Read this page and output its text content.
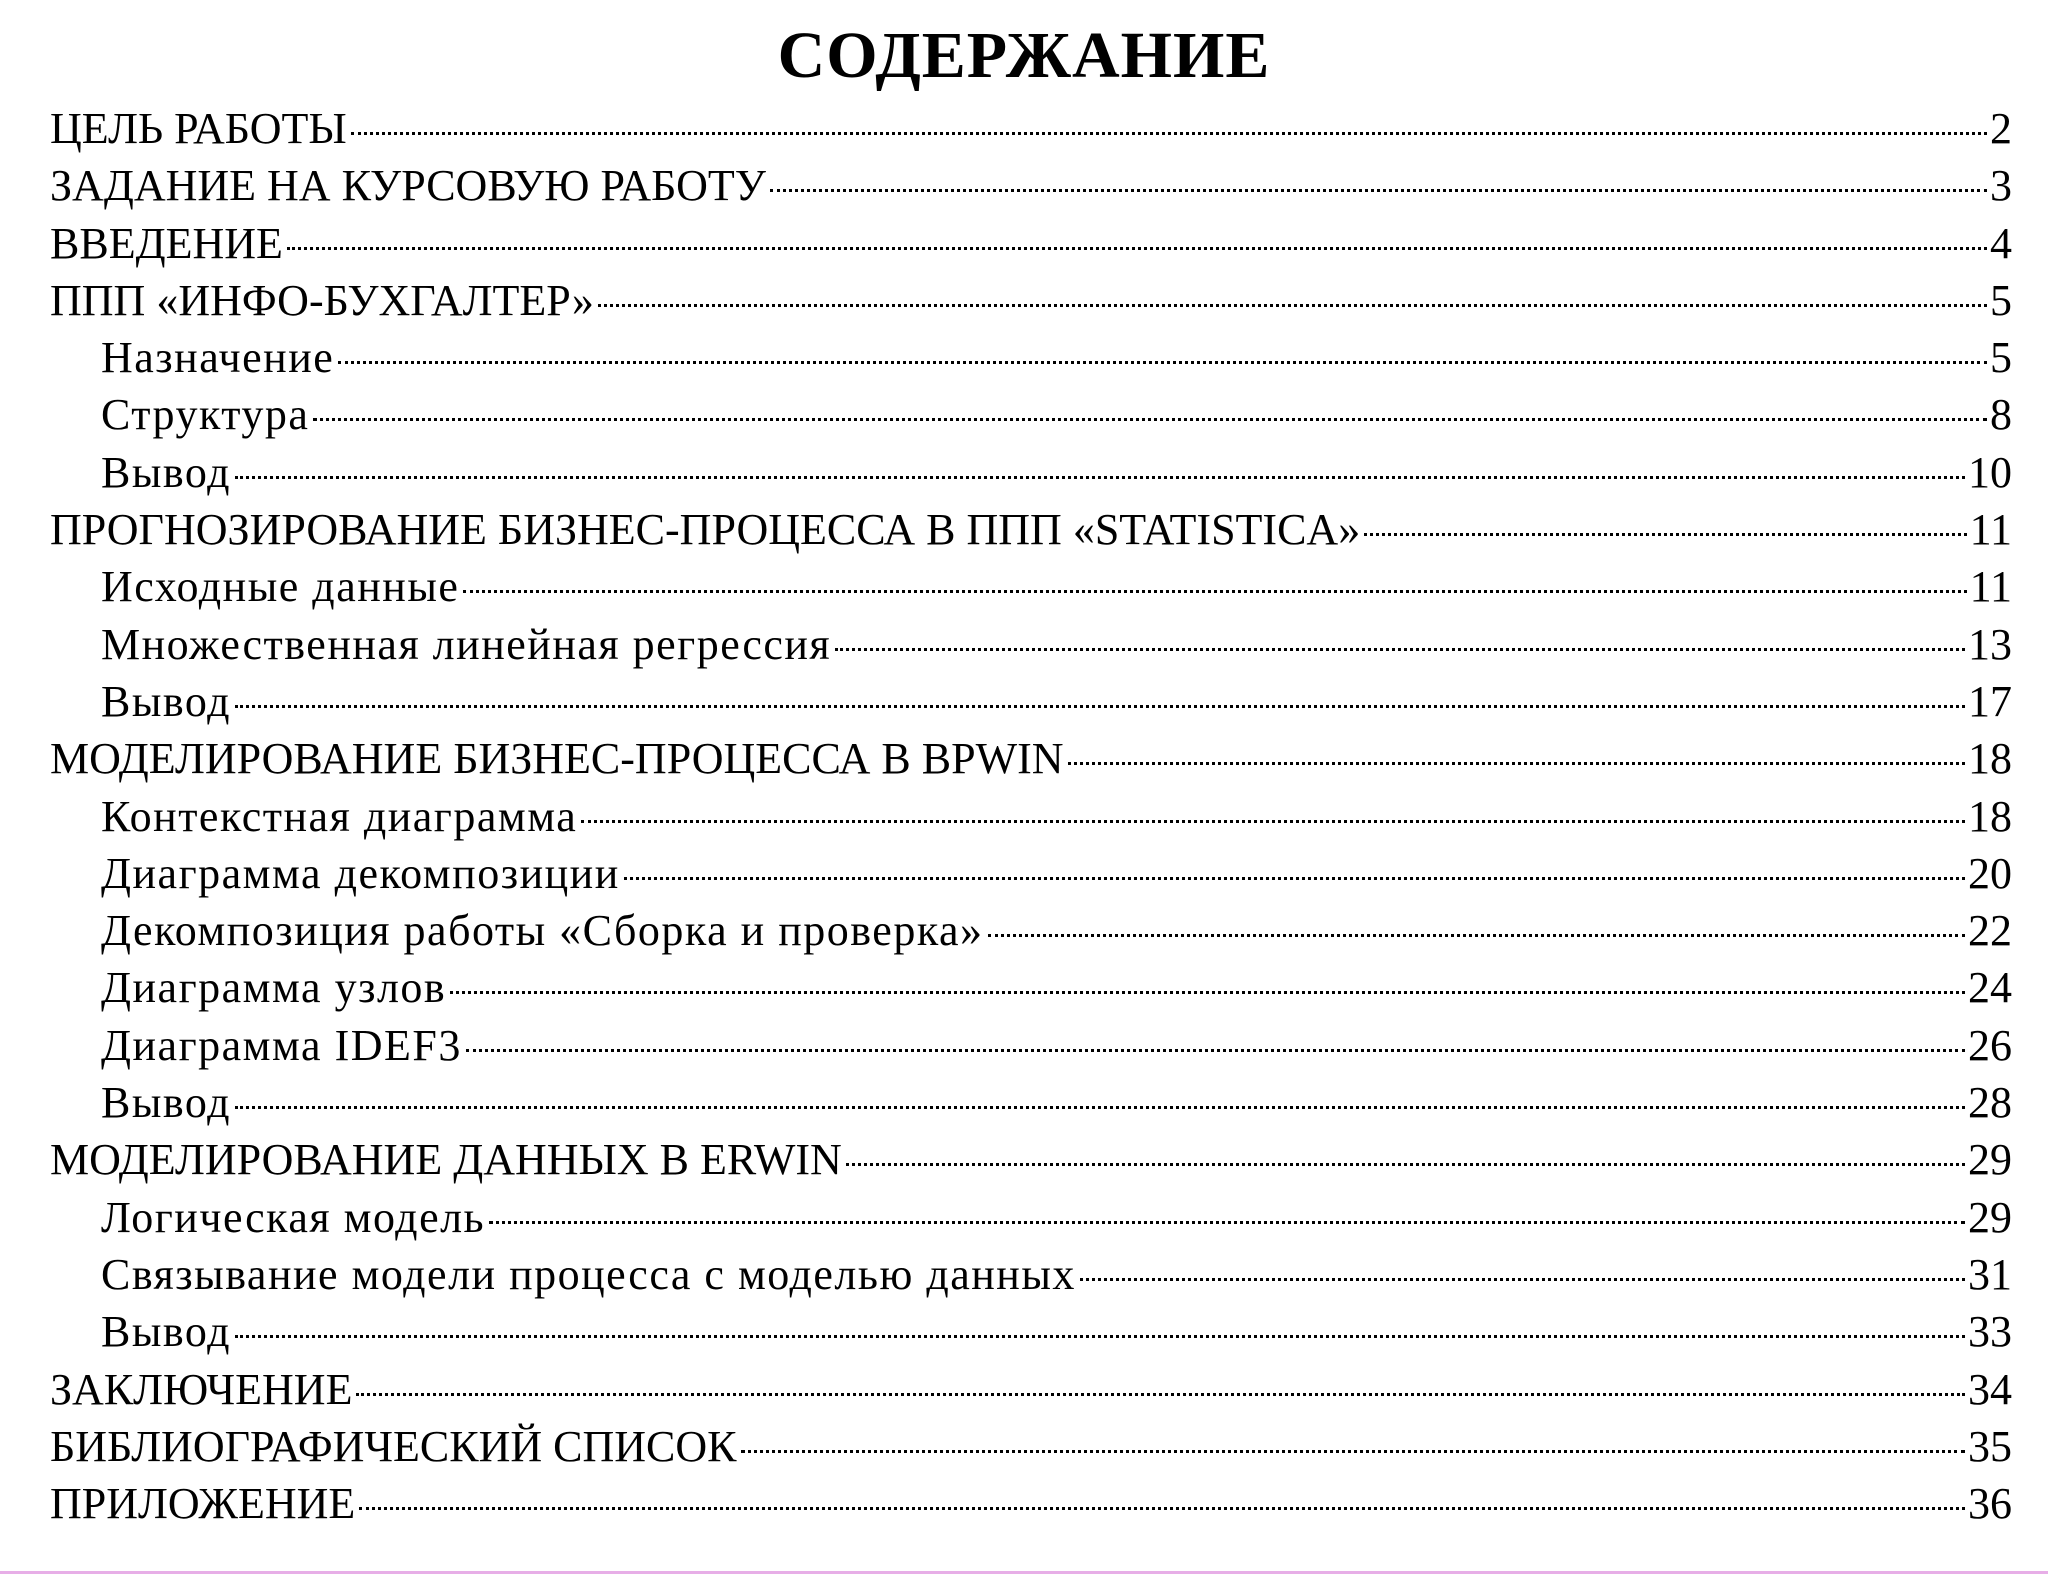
СОДЕРЖАНИЕ
ЦЕЛЬ РАБОТЫ	2
ЗАДАНИЕ НА КУРСОВУЮ РАБОТУ	3
ВВЕДЕНИЕ	4
ППП «ИНФО-БУХГАЛТЕР»	5
Назначение	5
Структура	8
Вывод	10
ПРОГНОЗИРОВАНИЕ БИЗНЕС-ПРОЦЕССА В ППП «STATISTICA»	11
Исходные данные	11
Множественная линейная регрессия	13
Вывод	17
МОДЕЛИРОВАНИЕ БИЗНЕС-ПРОЦЕССА В BPWIN	18
Контекстная диаграмма	18
Диаграмма декомпозиции	20
Декомпозиция работы «Сборка и проверка»	22
Диаграмма узлов	24
Диаграмма IDEF3	26
Вывод	28
МОДЕЛИРОВАНИЕ ДАННЫХ В ERWIN	29
Логическая модель	29
Связывание модели процесса с моделью данных	31
Вывод	33
ЗАКЛЮЧЕНИЕ	34
БИБЛИОГРАФИЧЕСКИЙ СПИСОК	35
ПРИЛОЖЕНИЕ	36
